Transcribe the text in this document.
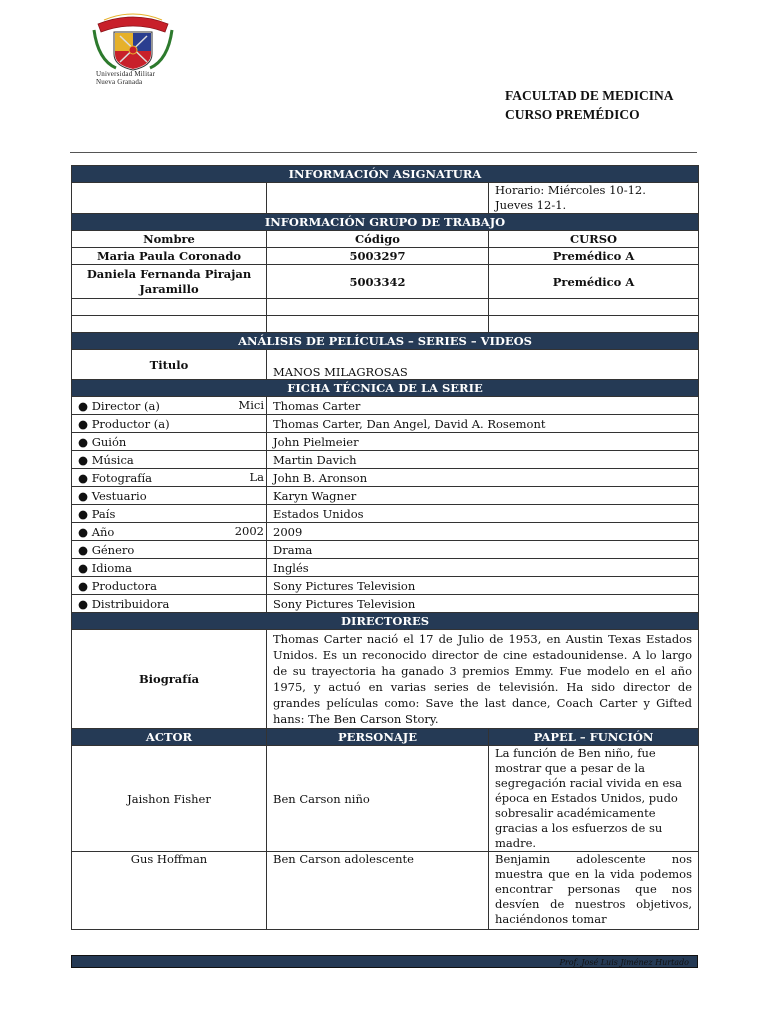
Universidad Militar
Nueva Granada
FACULTAD DE MEDICINA
CURSO PREMÉDICO
INFORMACIÓN ASIGNATURA		

		Horario: Miércoles 10-12.
Jueves 12-1.

INFORMACIÓN GRUPO DE TRABAJO		
Nombre	Código	CURSO
Maria Paula Coronado	5003297	Premédico A
Daniela Fernanda Pirajan Jaramillo	5003342	Premédico A

ANÁLISIS DE PELÍCULAS – SERIES – VIDEOS		
Titulo	MANOS MILAGROSAS	
FICHA TÉCNICA DE LA SERIE		
● Director (a) Mici	Thomas Carter	
● Productor (a)	Thomas Carter, Dan Angel, David A. Rosemont	
● Guión	John Pielmeier	
● Música	Martin Davich	
● Fotografía La	John B. Aronson	
● Vestuario	Karyn Wagner	
● País	Estados Unidos	
● Año 2002	2009	
● Género	Drama	
● Idioma	Inglés	
● Productora	Sony Pictures Television	
● Distribuidora	Sony Pictures Television	
DIRECTORES		
Biografía	Thomas Carter nació el 17 de Julio de 1953, en Austin Texas Estados Unidos. Es un reconocido director de cine estadounidense. A lo largo de su trayectoria ha ganado 3 premios Emmy. Fue modelo en el año 1975, y actuó en varias series de televisión. Ha sido director de grandes películas como: Save the last dance, Coach Carter y Gifted hans: The Ben Carson Story.	
ACTOR	PERSONAJE	PAPEL – FUNCIÓN
Jaishon Fisher	Ben Carson niño	La función de Ben niño, fue mostrar que a pesar de la segregación racial vivida en esa época en Estados Unidos, pudo sobresalir académicamente gracias a los esfuerzos de su madre.
Gus Hoffman	Ben Carson adolescente	Benjamin adolescente nos muestra que en la vida podemos encontrar personas que nos desvíen de nuestros objetivos, haciéndonos tomar
Prof. José Luis Jiménez Hurtado
